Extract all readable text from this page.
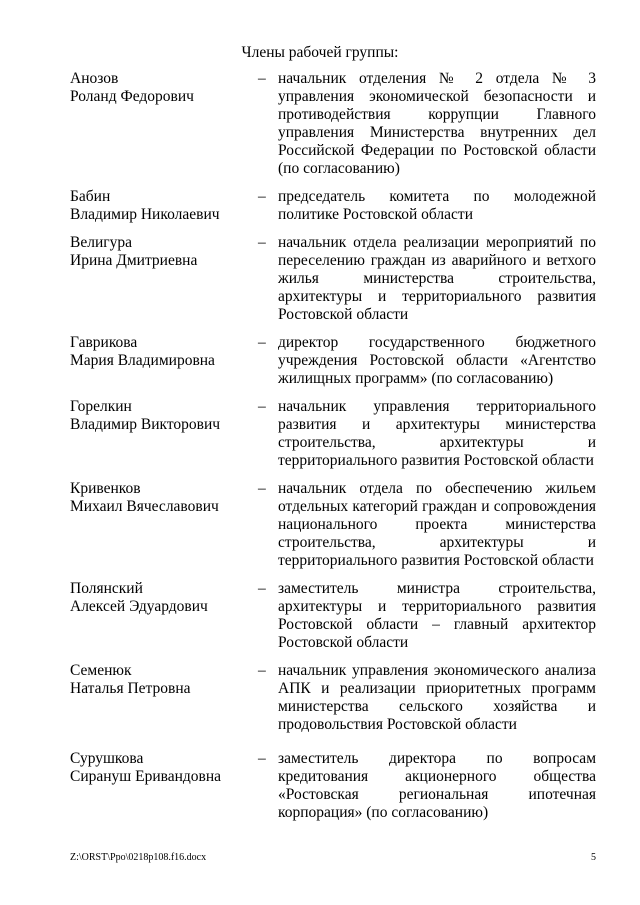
Члены рабочей группы:
Анозов
Роланд Федорович
– начальник отделения № 2 отдела № 3 управления экономической безопасности и противодействия коррупции Главного управления Министерства внутренних дел Российской Федерации по Ростовской области (по согласованию)
Бабин
Владимир Николаевич
– председатель комитета по молодежной политике Ростовской области
Велигура
Ирина Дмитриевна
– начальник отдела реализации мероприятий по переселению граждан из аварийного и ветхого жилья министерства строительства, архитектуры и территориального развития Ростовской области
Гаврикова
Мария Владимировна
– директор государственного бюджетного учреждения Ростовской области «Агентство жилищных программ» (по согласованию)
Горелкин
Владимир Викторович
– начальник управления территориального развития и архитектуры министерства строительства, архитектуры и территориального развития Ростовской области
Кривенков
Михаил Вячеславович
– начальник отдела по обеспечению жильем отдельных категорий граждан и сопровождения национального проекта министерства строительства, архитектуры и территориального развития Ростовской области
Полянский
Алексей Эдуардович
– заместитель министра строительства, архитектуры и территориального развития Ростовской области – главный архитектор Ростовской области
Семенюк
Наталья Петровна
– начальник управления экономического анализа АПК и реализации приоритетных программ министерства сельского хозяйства и продовольствия Ростовской области
Сурушкова
Сирануш Еривандовна
– заместитель директора по вопросам кредитования акционерного общества «Ростовская региональная ипотечная корпорация» (по согласованию)
Z:\ORST\Ppo\0218p108.f16.docx	5
